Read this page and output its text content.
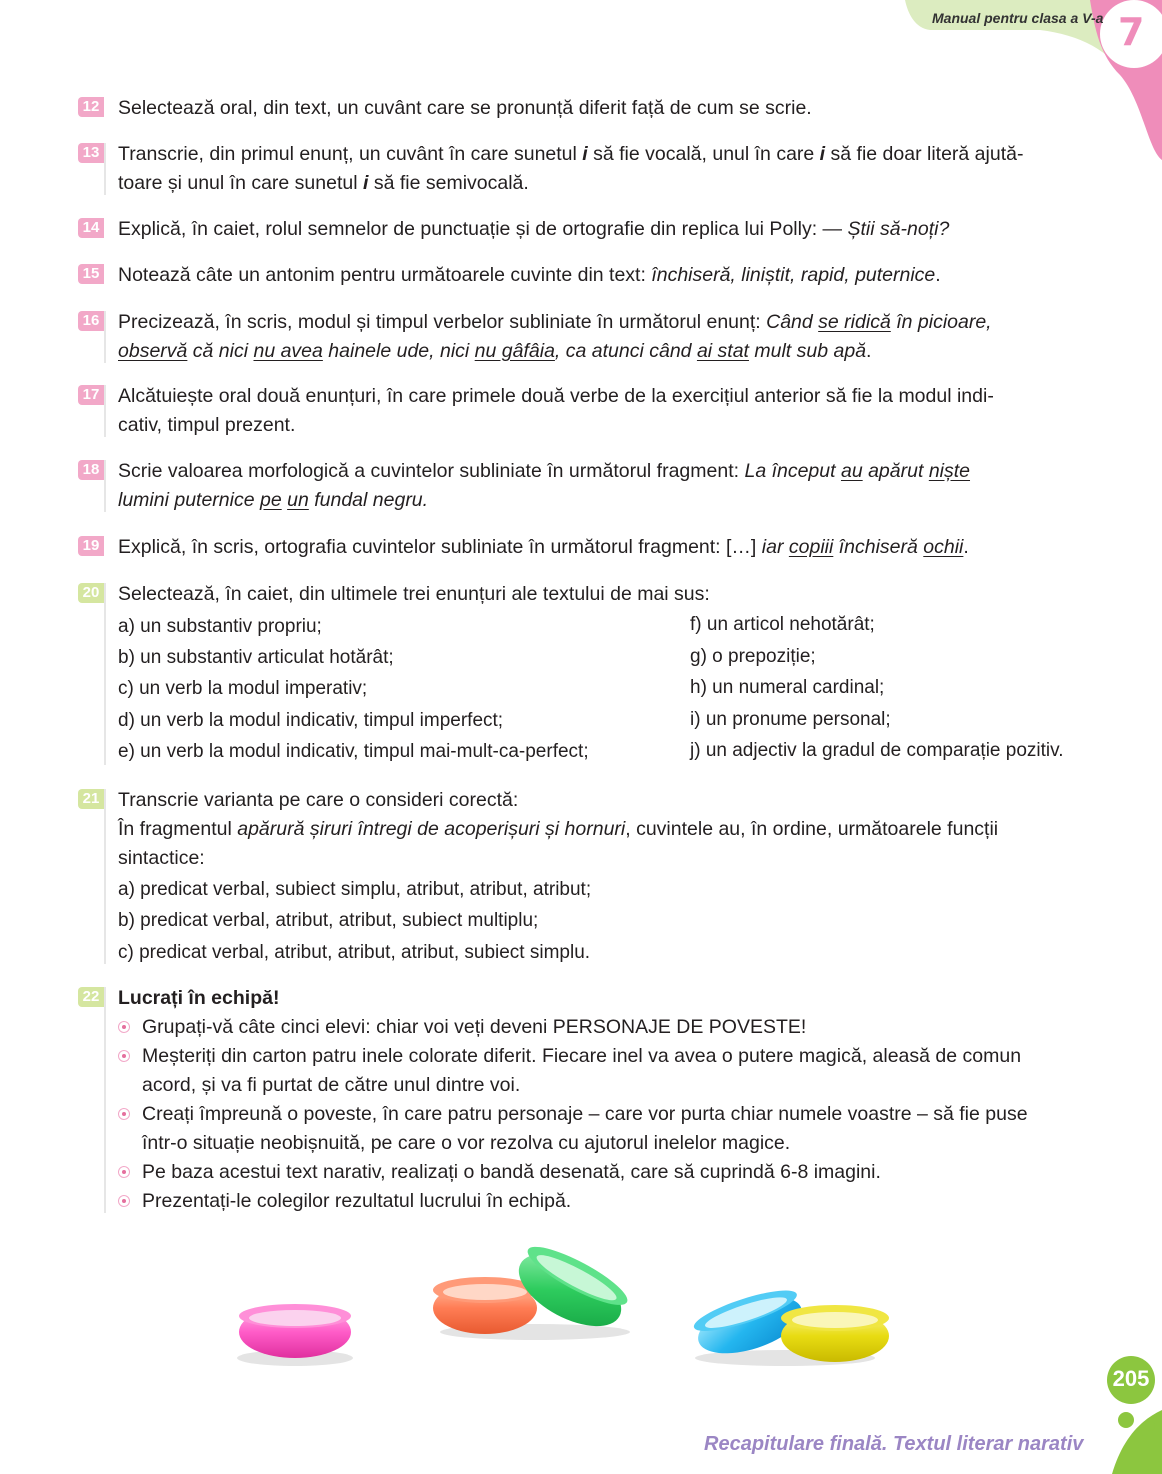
Manual pentru clasa a V-a 7
12 Selectează oral, din text, un cuvânt care se pronunță diferit față de cum se scrie.
13 Transcrie, din primul enunț, un cuvânt în care sunetul i să fie vocală, unul în care i să fie doar literă ajută-
toare și unul în care sunetul i să fie semivocală.
14 Explică, în caiet, rolul semnelor de punctuație și de ortografie din replica lui Polly: — Știi să-noți?
15 Notează câte un antonim pentru următoarele cuvinte din text: închiseră, liniștit, rapid, puternice.
16 Precizează, în scris, modul și timpul verbelor subliniate în următorul enunț: Când se ridică în picioare,
observă că nici nu avea hainele ude, nici nu gâfâia, ca atunci când ai stat mult sub apă.
17 Alcătuiește oral două enunțuri, în care primele două verbe de la exercițiul anterior să fie la modul indi-
cativ, timpul prezent.
18 Scrie valoarea morfologică a cuvintelor subliniate în următorul fragment: La început au apărut niște
lumini puternice pe un fundal negru.
19 Explică, în scris, ortografia cuvintelor subliniate în următorul fragment: […] iar copiii închiseră ochii.
20 Selectează, în caiet, din ultimele trei enunțuri ale textului de mai sus:
a) un substantiv propriu;
b) un substantiv articulat hotărât;
c) un verb la modul imperativ;
d) un verb la modul indicativ, timpul imperfect;
e) un verb la modul indicativ, timpul mai-mult-ca-perfect;
f) un articol nehotărât;
g) o prepoziție;
h) un numeral cardinal;
i) un pronume personal;
j) un adjectiv la gradul de comparație pozitiv.
21 Transcrie varianta pe care o consideri corectă:
În fragmentul apărură șiruri întregi de acoperișuri și hornuri, cuvintele au, în ordine, următoarele funcții
sintactice:
a) predicat verbal, subiect simplu, atribut, atribut, atribut;
b) predicat verbal, atribut, atribut, subiect multiplu;
c) predicat verbal, atribut, atribut, atribut, subiect simplu.
22 Lucrați în echipă!
Grupați-vă câte cinci elevi: chiar voi veți deveni PERSONAJE DE POVESTE!
Meșteriți din carton patru inele colorate diferit. Fiecare inel va avea o putere magică, aleasă de comun
acord, și va fi purtat de către unul dintre voi.
Creați împreună o poveste, în care patru personaje – care vor purta chiar numele voastre – să fie puse
într-o situație neobișnuită, pe care o vor rezolva cu ajutorul inelelor magice.
Pe baza acestui text narativ, realizați o bandă desenată, care să cuprindă 6-8 imagini.
Prezentați-le colegilor rezultatul lucrului în echipă.
205
Recapitulare finală. Textul literar narativ
